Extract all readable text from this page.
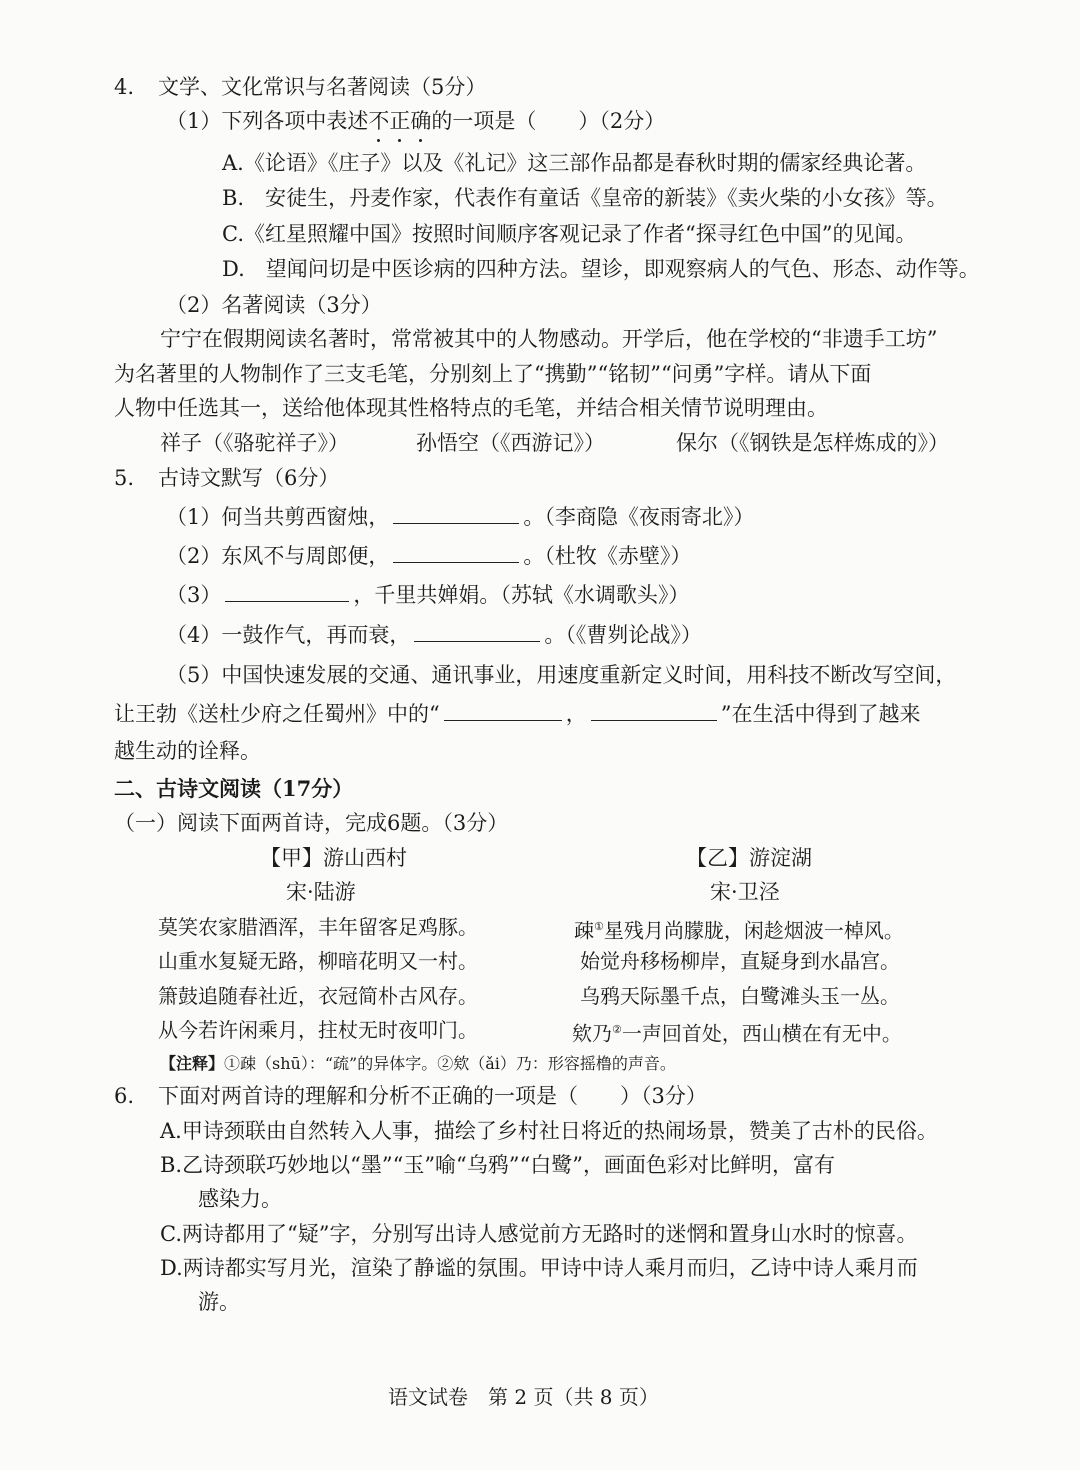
4. 文学、文化常识与名著阅读（5分）
（1）下列各项中表述不正确的一项是（　　）（2分）
A.《论语》《庄子》以及《礼记》这三部作品都是春秋时期的儒家经典论著。
B.　安徒生，丹麦作家，代表作有童话《皇帝的新装》《卖火柴的小女孩》等。
C.《红星照耀中国》按照时间顺序客观记录了作者“探寻红色中国”的见闻。
D.　望闻问切是中医诊病的四种方法。望诊，即观察病人的气色、形态、动作等。
（2）名著阅读（3分）
宁宁在假期阅读名著时，常常被其中的人物感动。开学后，他在学校的“非遗手工坊”
为名著里的人物制作了三支毛笔，分别刻上了“携勤”“铭韧”“问勇”字样。请从下面
人物中任选其一，送给他体现其性格特点的毛笔，并结合相关情节说明理由。
祥子（《骆驼祥子》）	孙悟空（《西游记》）	保尔（《钢铁是怎样炼成的》）
5. 古诗文默写（6分）
（1）何当共剪西窗烛，	。（李商隐《夜雨寄北》）
（2）东风不与周郎便，	。（杜牧《赤壁》）
（3）	，千里共婵娟。（苏轼《水调歌头》）
（4）一鼓作气，再而衰，	。（《曹刿论战》）
（5）中国快速发展的交通、通讯事业，用速度重新定义时间，用科技不断改写空间，
让王勃《送杜少府之任蜀州》中的“	，	”在生活中得到了越来
越生动的诠释。
二、古诗文阅读（17分）
（一）阅读下面两首诗，完成6题。（3分）
【甲】游山西村
宋·陆游
【乙】游淀湖
宋·卫泾
莫笑农家腊酒浑，丰年留客足鸡豚。
山重水复疑无路，柳暗花明又一村。
箫鼓追随春社近，衣冠简朴古风存。
从今若许闲乘月，拄杖无时夜叩门。
疎①星残月尚朦胧，闲趁烟波一棹风。
始觉舟移杨柳岸，直疑身到水晶宫。
乌鸦天际墨千点，白鹭滩头玉一丛。
欸乃②一声回首处，西山横在有无中。
【注释】①疎（shū）：“疏”的异体字。②欸（ǎi）乃：形容摇橹的声音。
6. 下面对两首诗的理解和分析不正确的一项是（　　）（3分）
A.甲诗颈联由自然转入人事，描绘了乡村社日将近的热闹场景，赞美了古朴的民俗。
B.乙诗颈联巧妙地以“墨”“玉”喻“乌鸦”“白鹭”，画面色彩对比鲜明，富有
感染力。
C.两诗都用了“疑”字，分别写出诗人感觉前方无路时的迷惘和置身山水时的惊喜。
D.两诗都实写月光，渲染了静谧的氛围。甲诗中诗人乘月而归，乙诗中诗人乘月而
游。
语文试卷　第 2 页（共 8 页）
